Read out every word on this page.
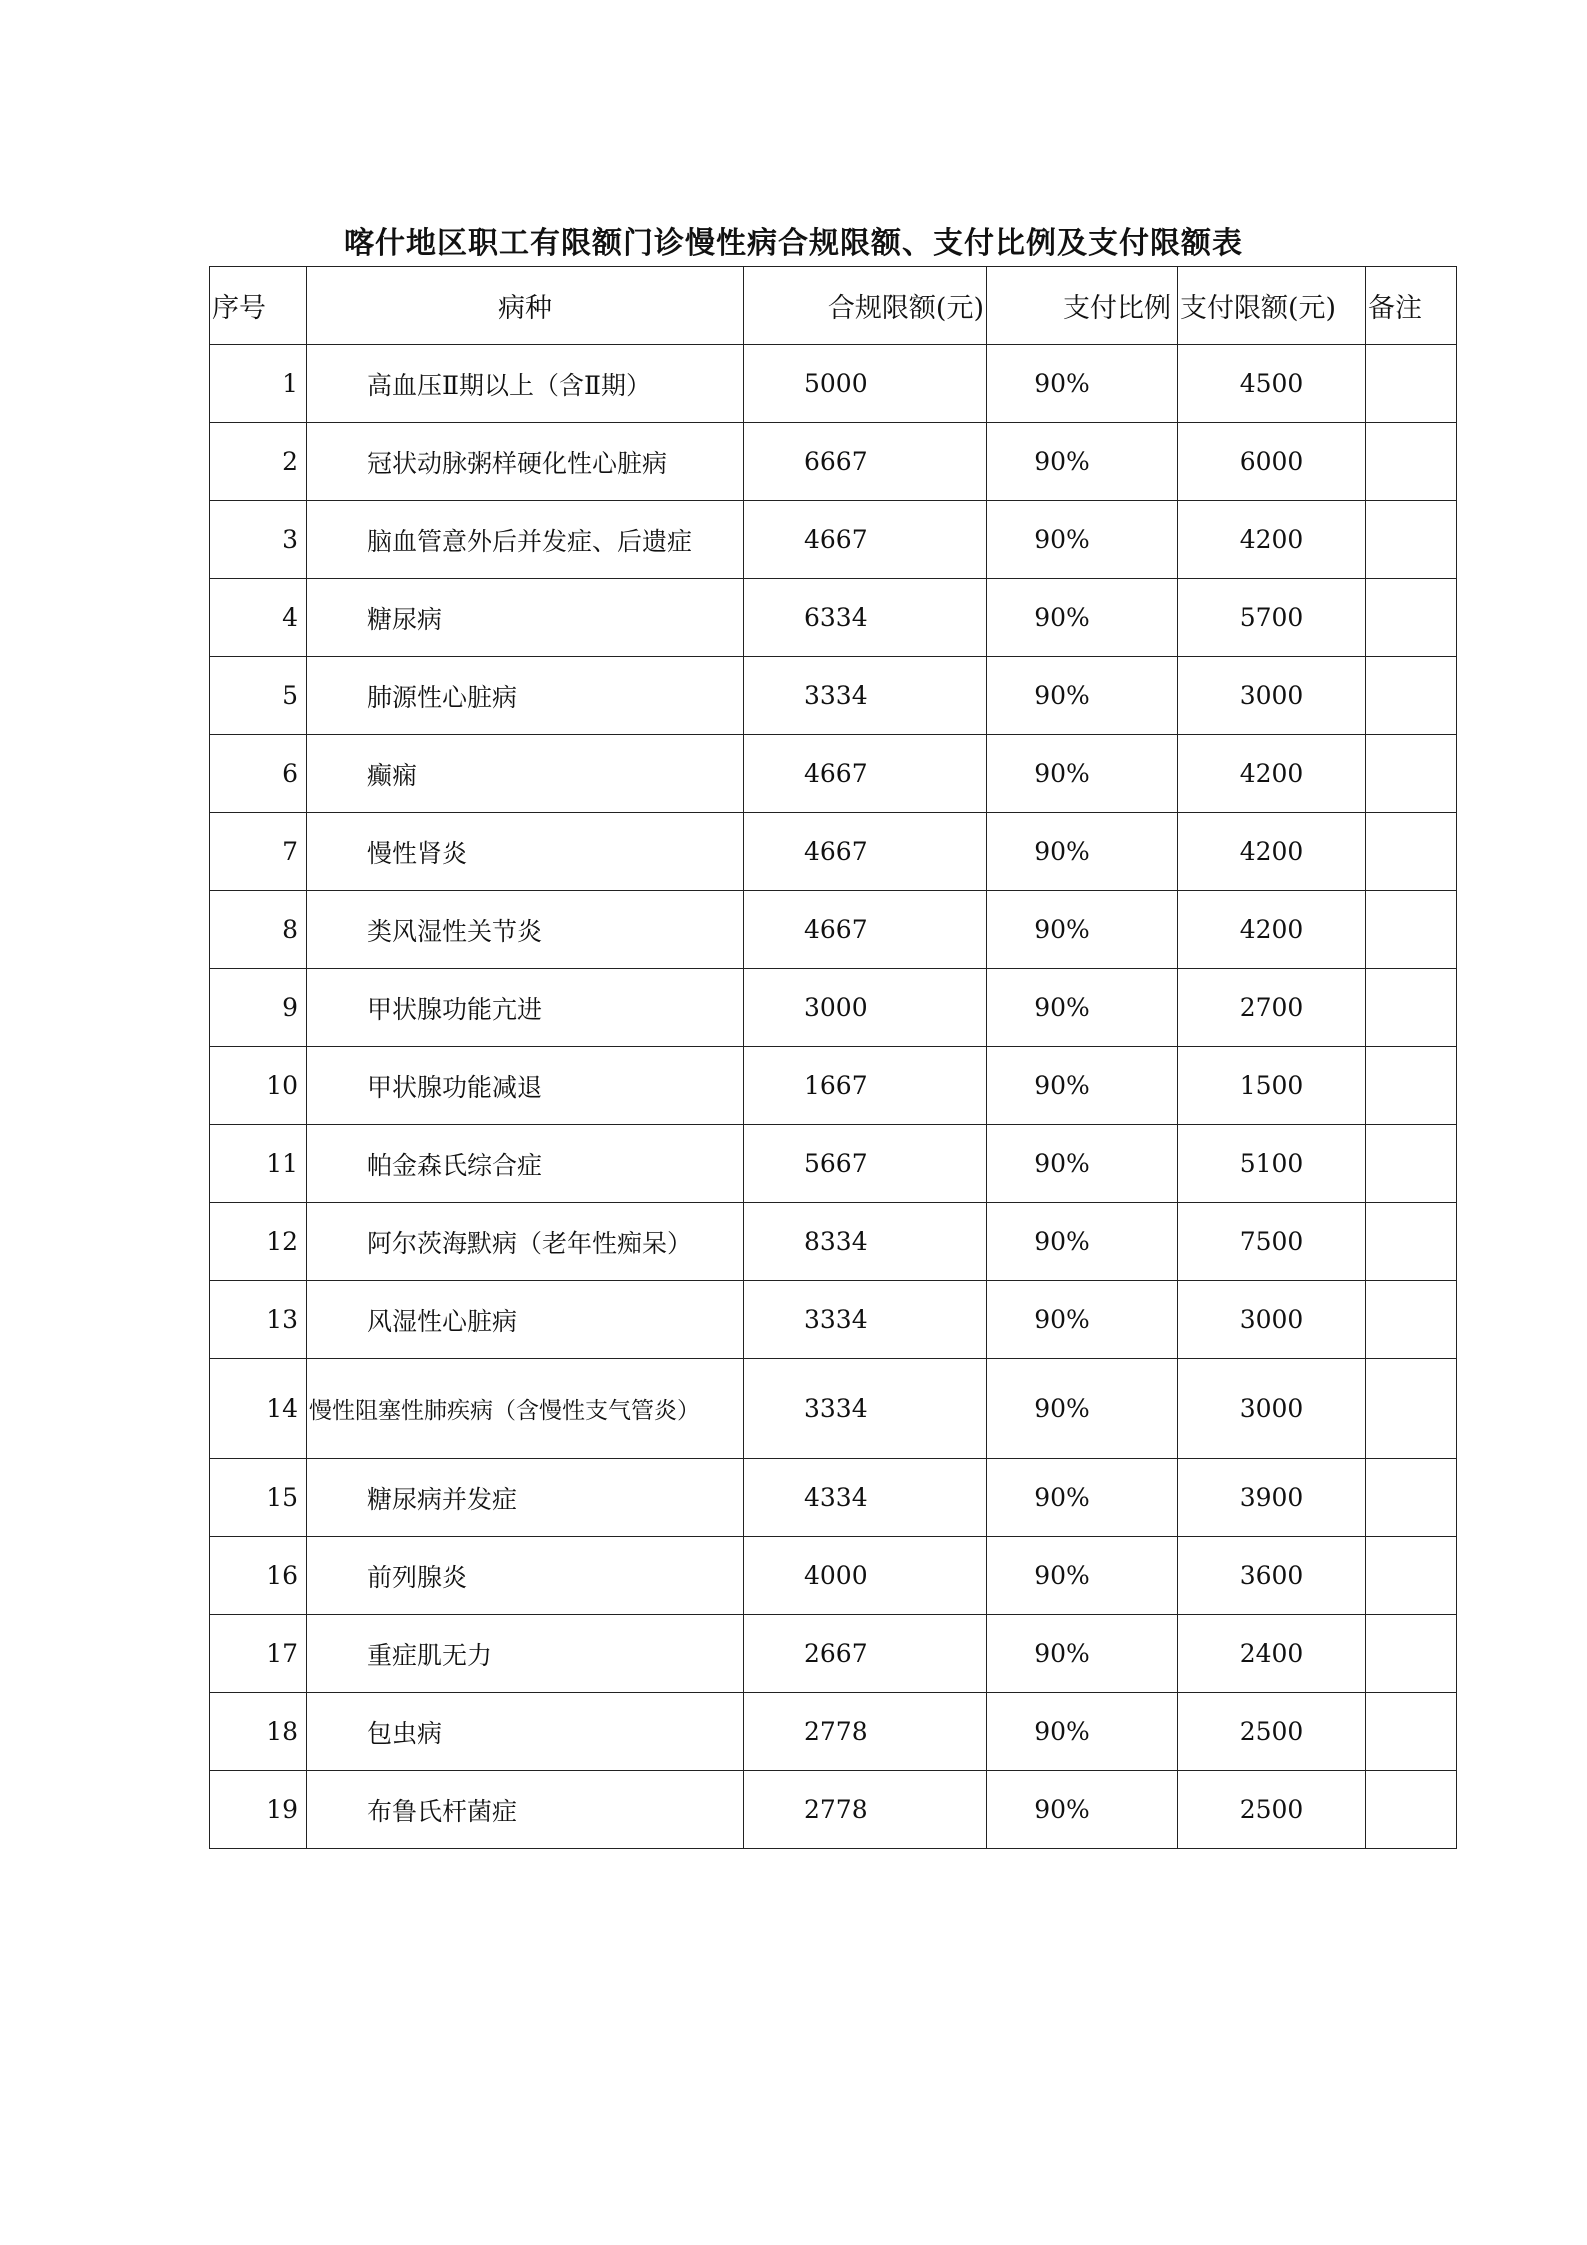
喀什地区职工有限额门诊慢性病合规限额、支付比例及支付限额表
序号	病种	合规限额(元)	支付比例	支付限额(元)	备注
1	高血压Ⅱ期以上（含Ⅱ期）	5000	90%	4500	
2	冠状动脉粥样硬化性心脏病	6667	90%	6000	
3	脑血管意外后并发症、后遗症	4667	90%	4200	
4	糖尿病	6334	90%	5700	
5	肺源性心脏病	3334	90%	3000	
6	癫痫	4667	90%	4200	
7	慢性肾炎	4667	90%	4200	
8	类风湿性关节炎	4667	90%	4200	
9	甲状腺功能亢进	3000	90%	2700	
10	甲状腺功能减退	1667	90%	1500	
11	帕金森氏综合症	5667	90%	5100	
12	阿尔茨海默病（老年性痴呆）	8334	90%	7500	
13	风湿性心脏病	3334	90%	3000	
14	慢性阻塞性肺疾病（含慢性支气管炎）	3334	90%	3000	
15	糖尿病并发症	4334	90%	3900	
16	前列腺炎	4000	90%	3600	
17	重症肌无力	2667	90%	2400	
18	包虫病	2778	90%	2500	
19	布鲁氏杆菌症	2778	90%	2500	
